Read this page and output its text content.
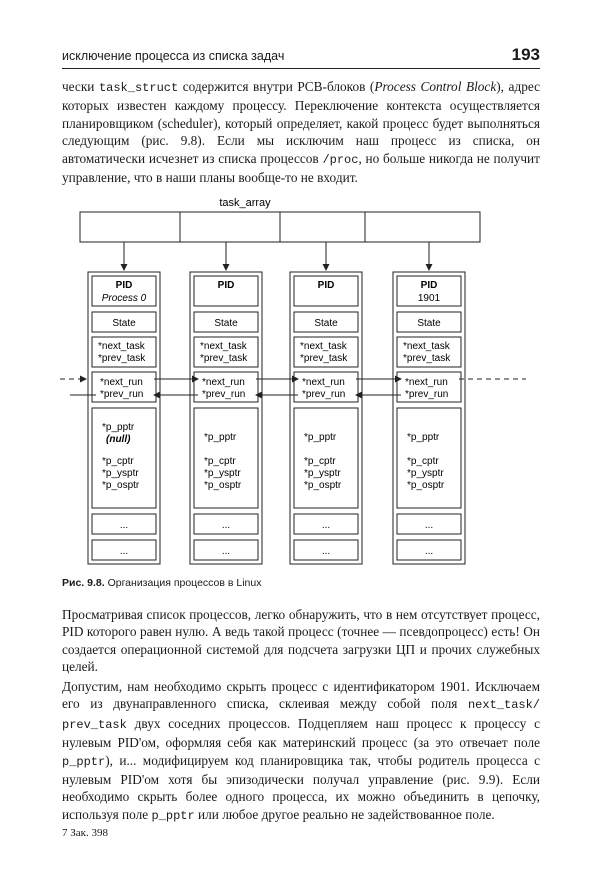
исключение процесса из списка задач	193

чески task_struct содержится внутри PCB-блоков (Process Control Block), адрес которых известен каждому процессу. Переключение контекста осуществляется планировщиком (scheduler), который определяет, какой процесс будет выполняться следующим (рис. 9.8). Если мы исключим наш процесс из списка, он автоматически исчезнет из списка процессов /proc, но больше никогда не получит управление, что в наши планы вообще-то не входит.

task_array
PID
Process 0
State
*next_task
*prev_task
*next_run
*prev_run
*p_pptr
(null)
*p_cptr
*p_ysptr
*p_osptr
...
...
PID
State
*next_task
*prev_task
*next_run
*prev_run
*p_pptr
*p_cptr
*p_ysptr
*p_osptr
...
...
PID
State
*next_task
*prev_task
*next_run
*prev_run
*p_pptr
*p_cptr
*p_ysptr
*p_osptr
...
...
PID
1901
State
*next_task
*prev_task
*next_run
*prev_run
*p_pptr
*p_cptr
*p_ysptr
*p_osptr
...
...
Рис. 9.8. Организация процессов в Linux

Просматривая список процессов, легко обнаружить, что в нем отсутствует процесс, PID которого равен нулю. А ведь такой процесс (точнее — псевдопроцесс) есть! Он создается операционной системой для подсчета загрузки ЦП и прочих служебных целей.

Допустим, нам необходимо скрыть процесс с идентификатором 1901. Исключаем его из двунаправленного списка, склеивая между собой поля next_task/ prev_task двух соседних процессов. Подцепляем наш процесс к процессу с нулевым PID'ом, оформляя себя как материнский процесс (за это отвечает поле p_pptr), и... модифицируем код планировщика так, чтобы родитель процесса с нулевым PID'ом хотя бы эпизодически получал управление (рис. 9.9). Если необходимо скрыть более одного процесса, их можно объединить в цепочку, используя поле p_pptr или любое другое реально не задействованное поле.

7 Зак. 398
